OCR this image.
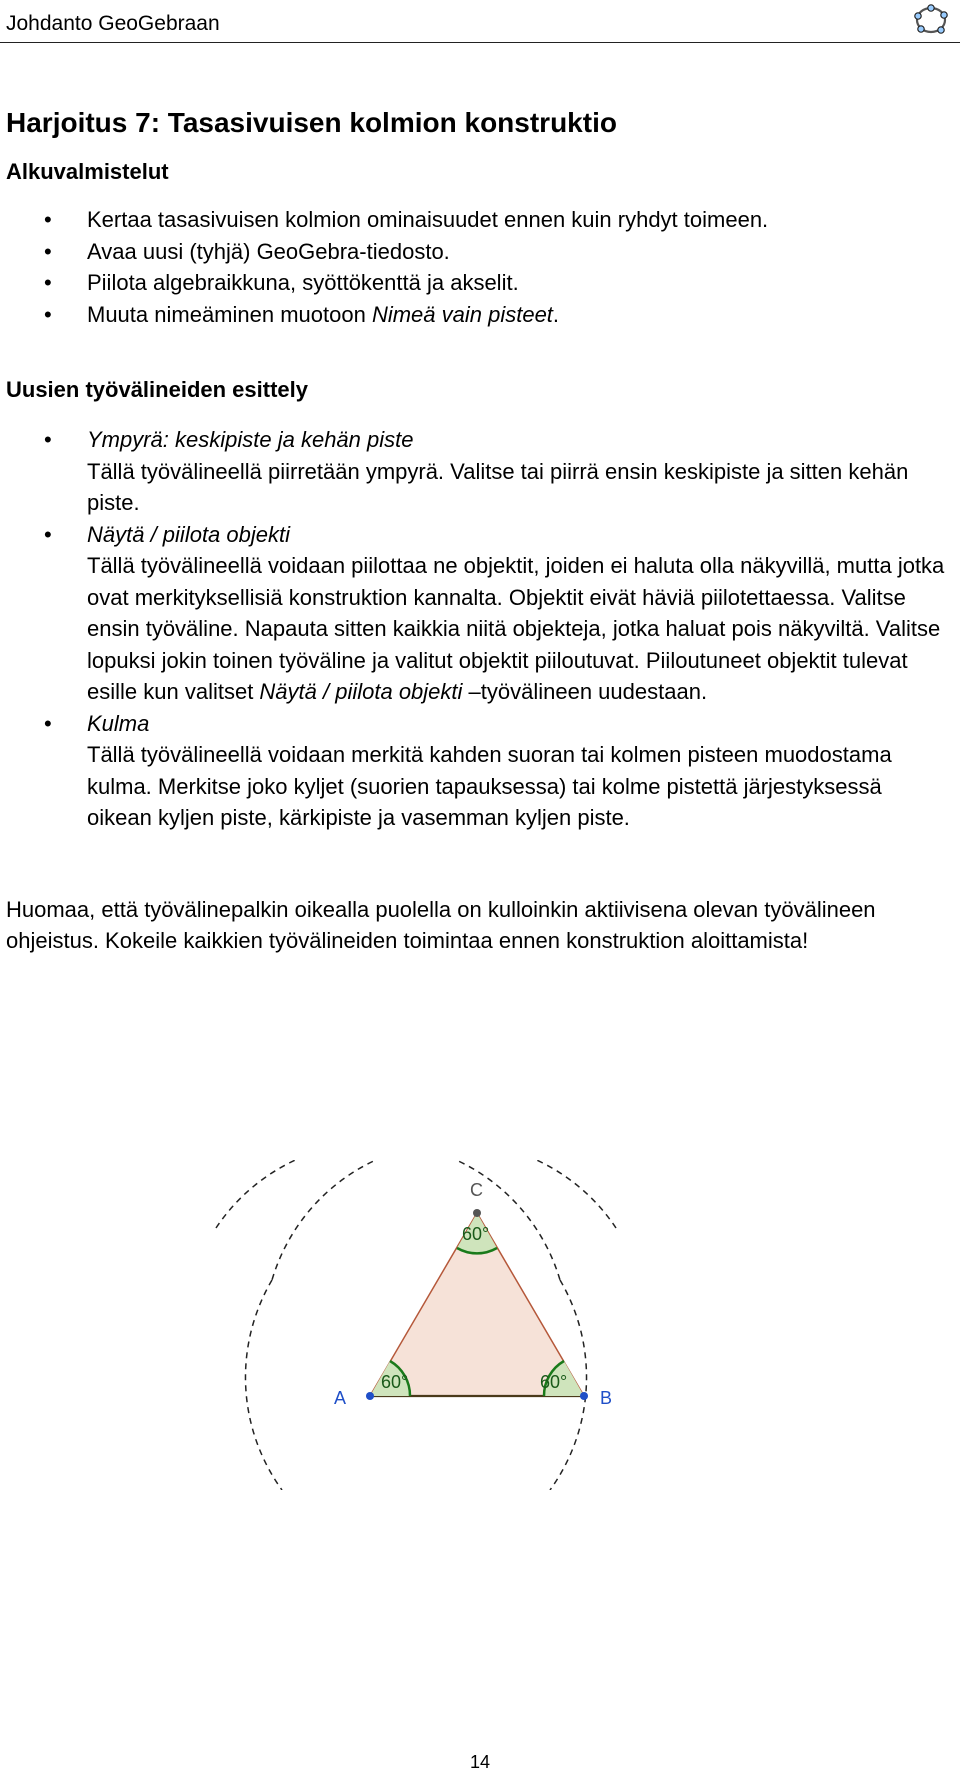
Johdanto GeoGebraan
Harjoitus 7: Tasasivuisen kolmion konstruktio
Alkuvalmistelut
• Kertaa tasasivuisen kolmion ominaisuudet ennen kuin ryhdyt toimeen.
• Avaa uusi (tyhjä) GeoGebra-tiedosto.
• Piilota algebraikkuna, syöttökenttä ja akselit.
• Muuta nimeäminen muotoon Nimeä vain pisteet.
Uusien työvälineiden esittely
• Ympyrä: keskipiste ja kehän piste
Tällä työvälineellä piirretään ympyrä. Valitse tai piirrä ensin keskipiste ja sitten kehän piste.
• Näytä / piilota objekti
Tällä työvälineellä voidaan piilottaa ne objektit, joiden ei haluta olla näkyvillä, mutta jotka ovat merkityksellisiä konstruktion kannalta. Objektit eivät häviä piilotettaessa. Valitse ensin työväline. Napauta sitten kaikkia niitä objekteja, jotka haluat pois näkyviltä. Valitse lopuksi jokin toinen työväline ja valitut objektit piiloutuvat. Piiloutuneet objektit tulevat esille kun valitset Näytä / piilota objekti –työvälineen uudestaan.
• Kulma
Tällä työvälineellä voidaan merkitä kahden suoran tai kolmen pisteen muodostama kulma. Merkitse joko kyljet (suorien tapauksessa) tai kolme pistettä järjestyksessä oikean kyljen piste, kärkipiste ja vasemman kyljen piste.

Huomaa, että työvälinepalkin oikealla puolella on kulloinkin aktiivisena olevan työvälineen ohjeistus. Kokeile kaikkien työvälineiden toimintaa ennen konstruktion aloittamista!

60°	60°
60°
A	B
C
14
